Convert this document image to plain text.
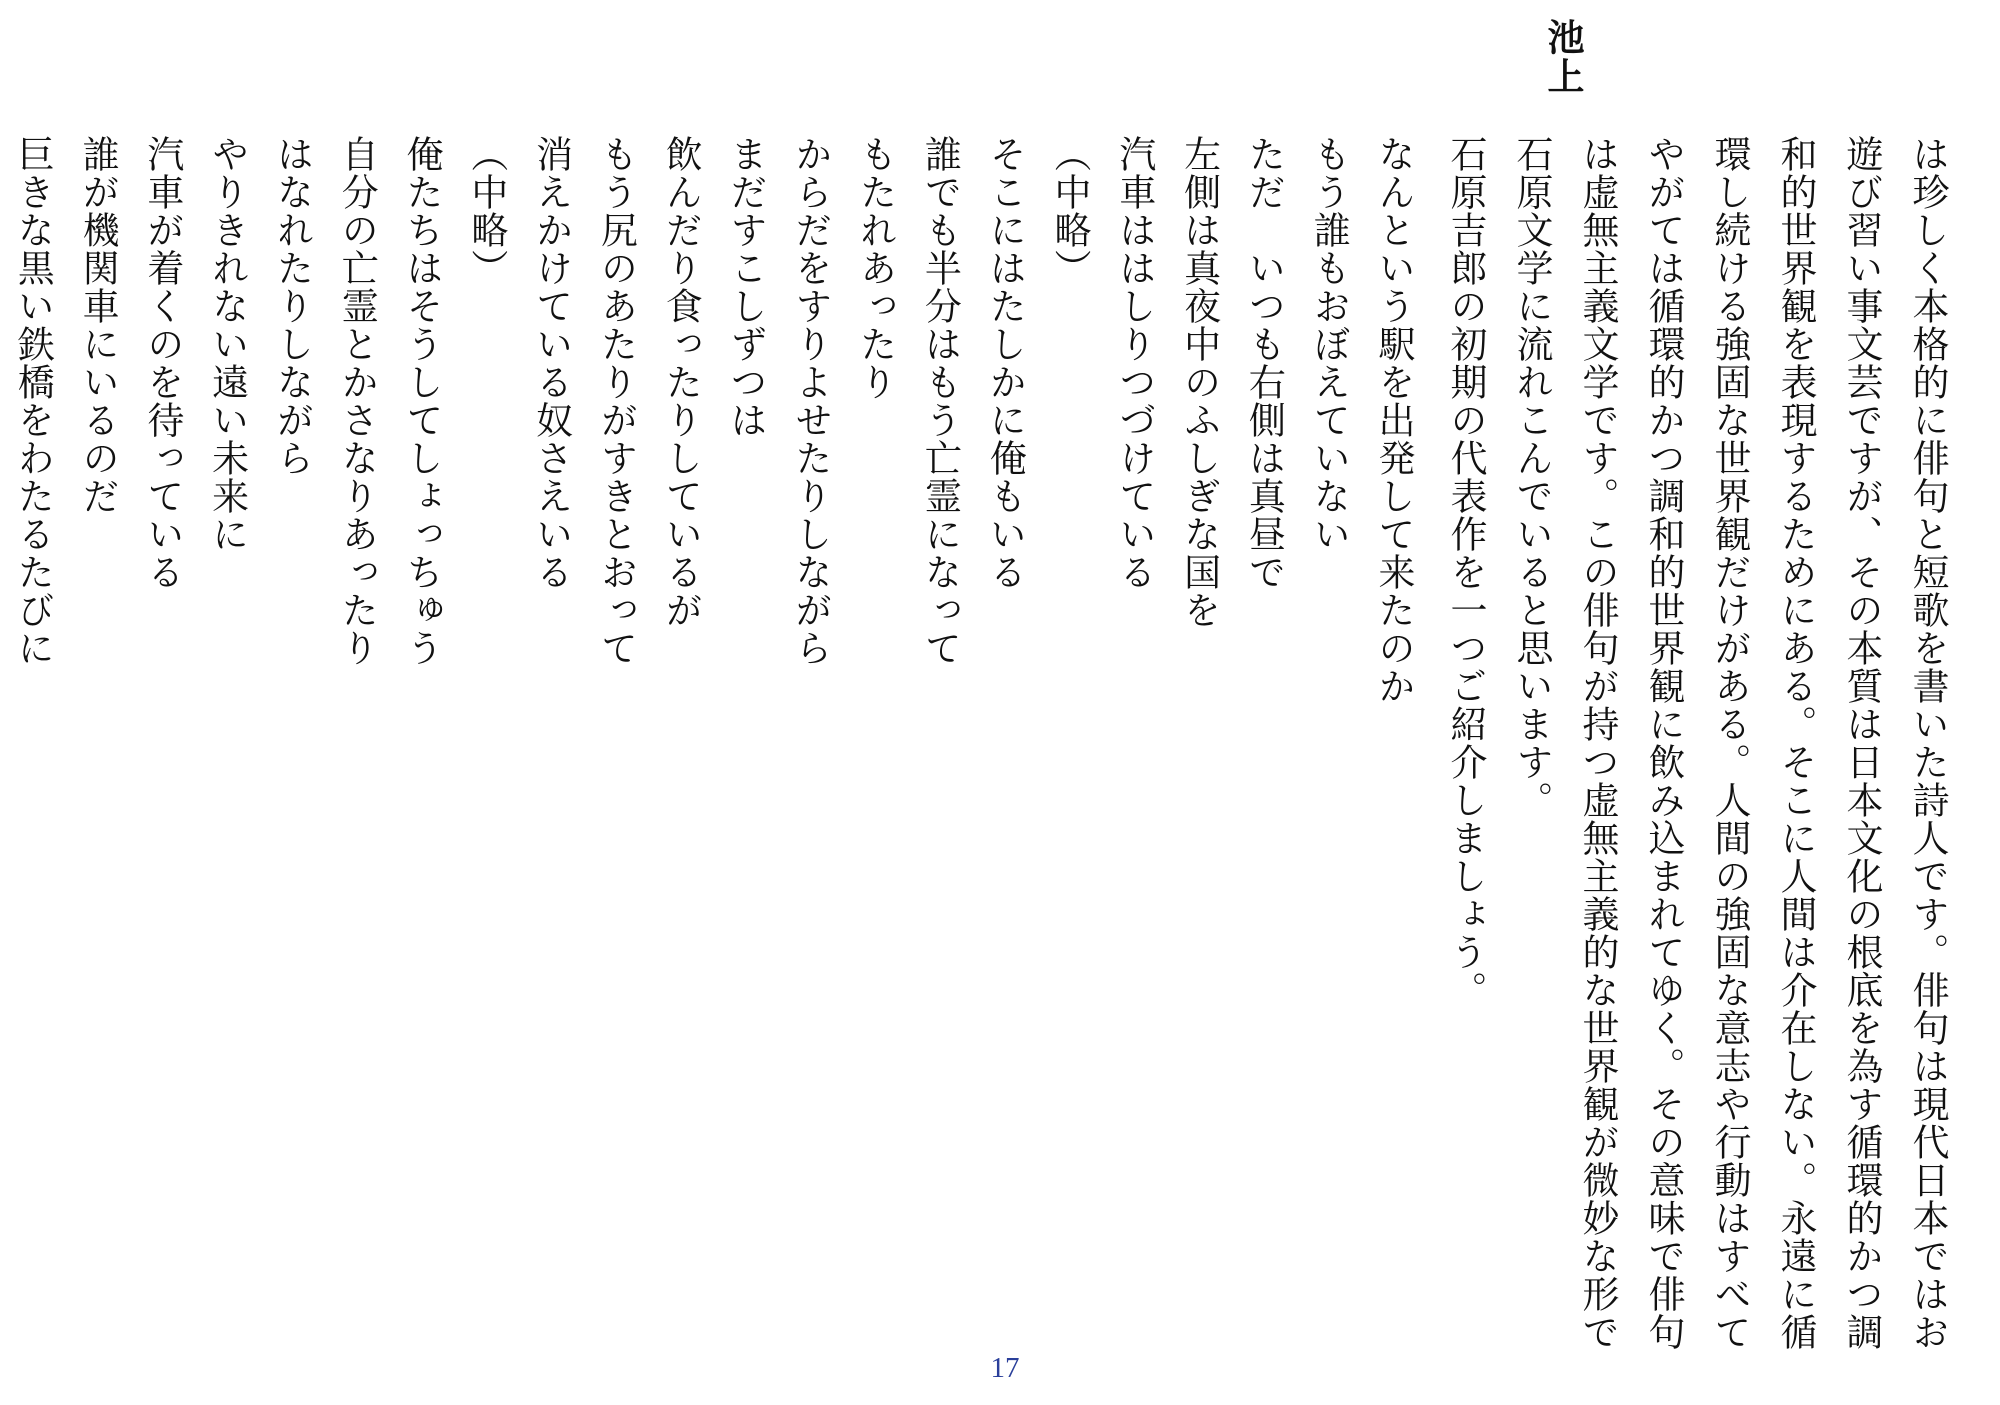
は珍しく本格的に俳句と短歌を書いた詩人です。俳句は現代日本ではお
遊び習い事文芸ですが、その本質は日本文化の根底を為す循環的かつ調
和的世界観を表現するためにある。そこに人間は介在しない。永遠に循
環し続ける強固な世界観だけがある。人間の強固な意志や行動はすべて
やがては循環的かつ調和的世界観に飲み込まれてゆく。その意味で俳句
は虚無主義文学です。この俳句が持つ虚無主義的な世界観が微妙な形で
石原文学に流れこんでいると思います。
石原吉郎の初期の代表作を一つご紹介しましょう。
池上
なんという駅を出発して来たのか
もう誰もおぼえていない
ただ　いつも右側は真昼で
左側は真夜中のふしぎな国を
汽車ははしりつづけている
（中略）
そこにはたしかに俺もいる
誰でも半分はもう亡霊になって
もたれあったり
からだをすりよせたりしながら
まだすこしずつは
飲んだり食ったりしているが
もう尻のあたりがすきとおって
消えかけている奴さえいる
（中略）
俺たちはそうしてしょっちゅう
自分の亡霊とかさなりあったり
はなれたりしながら
やりきれない遠い未来に
汽車が着くのを待っている
誰が機関車にいるのだ
巨きな黒い鉄橋をわたるたびに
17
